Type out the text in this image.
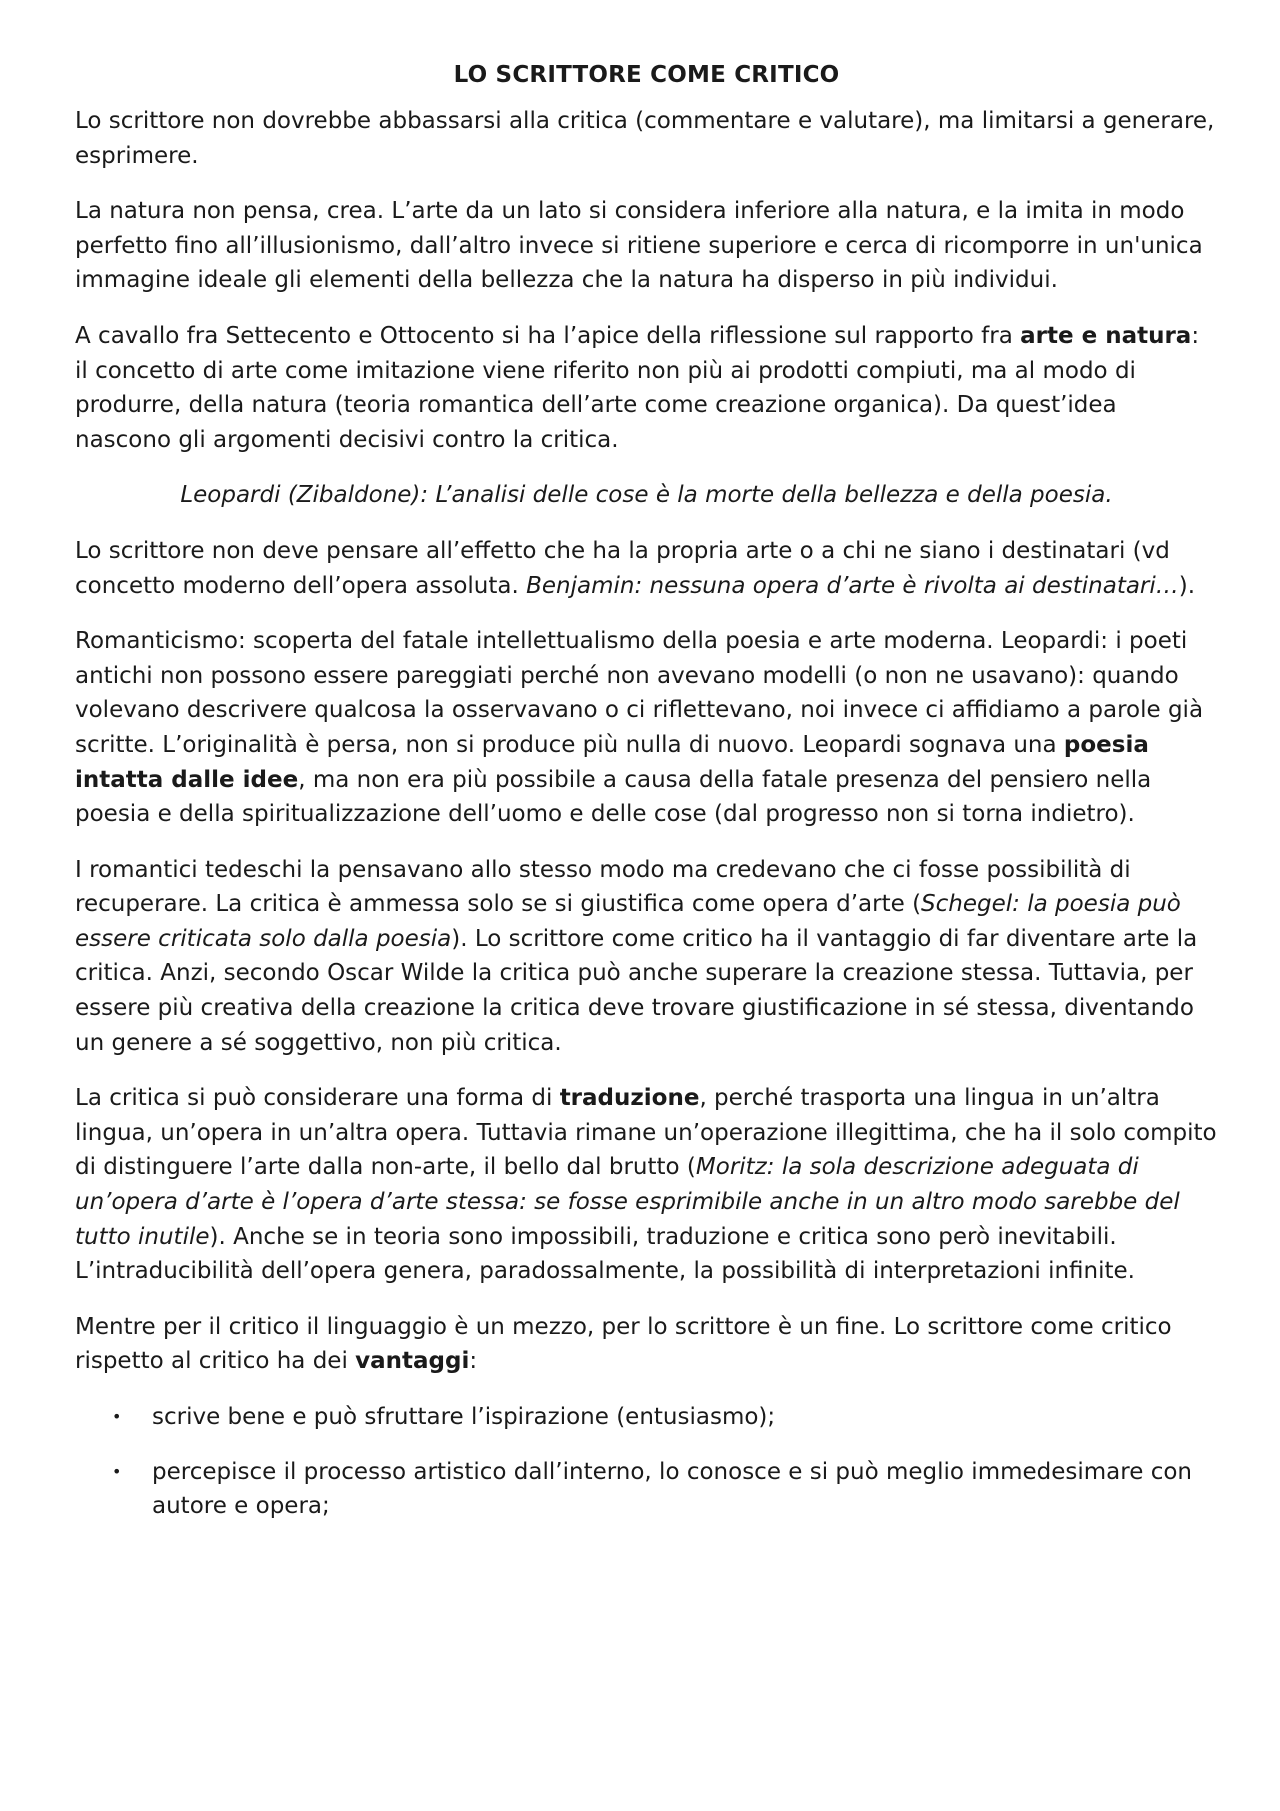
LO SCRITTORE COME CRITICO

Lo scrittore non dovrebbe abbassarsi alla critica (commentare e valutare), ma limitarsi a generare, esprimere.

La natura non pensa, crea. L’arte da un lato si considera inferiore alla natura, e la imita in modo perfetto fino all’illusionismo, dall’altro invece si ritiene superiore e cerca di ricomporre in un'unica immagine ideale gli elementi della bellezza che la natura ha disperso in più individui.

A cavallo fra Settecento e Ottocento si ha l’apice della riflessione sul rapporto fra arte e natura: il concetto di arte come imitazione viene riferito non più ai prodotti compiuti, ma al modo di produrre, della natura (teoria romantica dell’arte come creazione organica). Da quest’idea nascono gli argomenti decisivi contro la critica.

Leopardi (Zibaldone): L’analisi delle cose è la morte della bellezza e della poesia.

Lo scrittore non deve pensare all’effetto che ha la propria arte o a chi ne siano i destinatari (vd concetto moderno dell’opera assoluta. Benjamin: nessuna opera d’arte è rivolta ai destinatari…).

Romanticismo: scoperta del fatale intellettualismo della poesia e arte moderna. Leopardi: i poeti antichi non possono essere pareggiati perché non avevano modelli (o non ne usavano): quando volevano descrivere qualcosa la osservavano o ci riflettevano, noi invece ci affidiamo a parole già scritte. L’originalità è persa, non si produce più nulla di nuovo. Leopardi sognava una poesia intatta dalle idee, ma non era più possibile a causa della fatale presenza del pensiero nella poesia e della spiritualizzazione dell’uomo e delle cose (dal progresso non si torna indietro).

I romantici tedeschi la pensavano allo stesso modo ma credevano che ci fosse possibilità di recuperare. La critica è ammessa solo se si giustifica come opera d’arte (Schegel: la poesia può essere criticata solo dalla poesia). Lo scrittore come critico ha il vantaggio di far diventare arte la critica. Anzi, secondo Oscar Wilde la critica può anche superare la creazione stessa. Tuttavia, per essere più creativa della creazione la critica deve trovare giustificazione in sé stessa, diventando un genere a sé soggettivo, non più critica.

La critica si può considerare una forma di traduzione, perché trasporta una lingua in un’altra lingua, un’opera in un’altra opera. Tuttavia rimane un’operazione illegittima, che ha il solo compito di distinguere l’arte dalla non-arte, il bello dal brutto (Moritz: la sola descrizione adeguata di un’opera d’arte è l’opera d’arte stessa: se fosse esprimibile anche in un altro modo sarebbe del tutto inutile). Anche se in teoria sono impossibili, traduzione e critica sono però inevitabili. L’intraducibilità dell’opera genera, paradossalmente, la possibilità di interpretazioni infinite.

Mentre per il critico il linguaggio è un mezzo, per lo scrittore è un fine. Lo scrittore come critico rispetto al critico ha dei vantaggi:

• scrive bene e può sfruttare l’ispirazione (entusiasmo);
• percepisce il processo artistico dall’interno, lo conosce e si può meglio immedesimare con autore e opera;
